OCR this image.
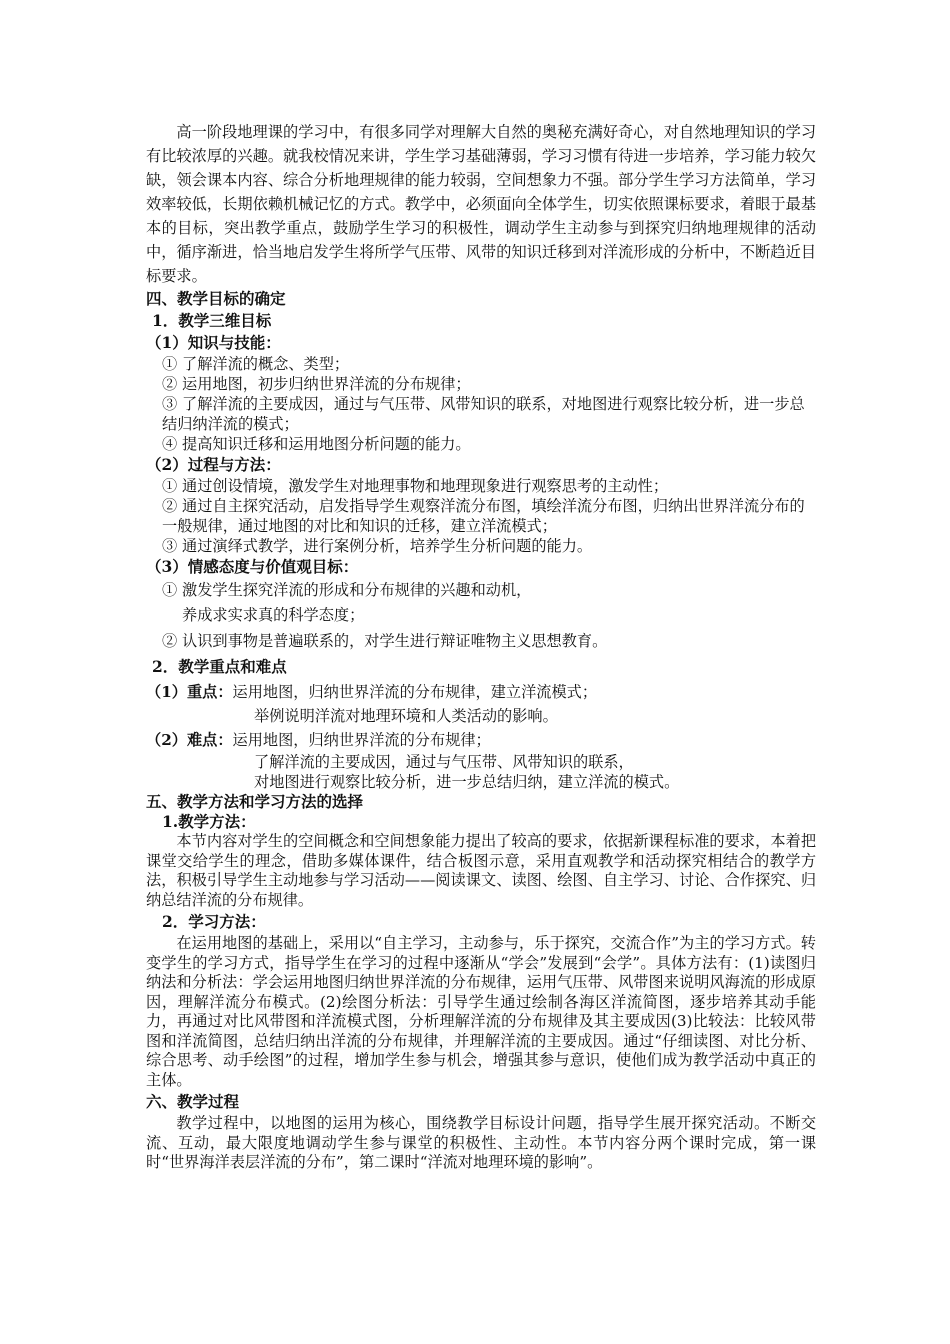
高一阶段地理课的学习中，有很多同学对理解大自然的奥秘充满好奇心，对自然地理知识的学习有比较浓厚的兴趣。就我校情况来讲，学生学习基础薄弱，学习习惯有待进一步培养，学习能力较欠缺，领会课本内容、综合分析地理规律的能力较弱，空间想象力不强。部分学生学习方法简单，学习效率较低，长期依赖机械记忆的方式。教学中，必须面向全体学生，切实依照课标要求，着眼于最基本的目标，突出教学重点，鼓励学生学习的积极性，调动学生主动参与到探究归纳地理规律的活动中，循序渐进，恰当地启发学生将所学气压带、风带的知识迁移到对洋流形成的分析中，不断趋近目标要求。

四、教学目标的确定

1．教学三维目标

（1）知识与技能：

① 了解洋流的概念、类型；

② 运用地图，初步归纳世界洋流的分布规律；

③ 了解洋流的主要成因，通过与气压带、风带知识的联系，对地图进行观察比较分析，进一步总结归纳洋流的模式；

④ 提高知识迁移和运用地图分析问题的能力。

（2）过程与方法：

① 通过创设情境，激发学生对地理事物和地理现象进行观察思考的主动性；

② 通过自主探究活动，启发指导学生观察洋流分布图，填绘洋流分布图，归纳出世界洋流分布的一般规律，通过地图的对比和知识的迁移，建立洋流模式；

③ 通过演绎式教学，进行案例分析，培养学生分析问题的能力。

（3）情感态度与价值观目标：

① 激发学生探究洋流的形成和分布规律的兴趣和动机，

养成求实求真的科学态度；

② 认识到事物是普遍联系的，对学生进行辩证唯物主义思想教育。

2．教学重点和难点

（1）重点：运用地图，归纳世界洋流的分布规律，建立洋流模式；

举例说明洋流对地理环境和人类活动的影响。

（2）难点：运用地图，归纳世界洋流的分布规律；

了解洋流的主要成因，通过与气压带、风带知识的联系，

对地图进行观察比较分析，进一步总结归纳，建立洋流的模式。

五、教学方法和学习方法的选择

1.教学方法：

本节内容对学生的空间概念和空间想象能力提出了较高的要求，依据新课程标准的要求，本着把课堂交给学生的理念，借助多媒体课件，结合板图示意，采用直观教学和活动探究相结合的教学方法，积极引导学生主动地参与学习活动——阅读课文、读图、绘图、自主学习、讨论、合作探究、归纳总结洋流的分布规律。

2．学习方法：

在运用地图的基础上，采用以“自主学习，主动参与，乐于探究，交流合作”为主的学习方式。转变学生的学习方式，指导学生在学习的过程中逐渐从“学会”发展到“会学”。具体方法有：(1)读图归纳法和分析法：学会运用地图归纳世界洋流的分布规律，运用气压带、风带图来说明风海流的形成原因，理解洋流分布模式。(2)绘图分析法：引导学生通过绘制各海区洋流简图，逐步培养其动手能力，再通过对比风带图和洋流模式图，分析理解洋流的分布规律及其主要成因(3)比较法：比较风带图和洋流简图，总结归纳出洋流的分布规律，并理解洋流的主要成因。通过“仔细读图、对比分析、综合思考、动手绘图”的过程，增加学生参与机会，增强其参与意识，使他们成为教学活动中真正的主体。

六、教学过程

教学过程中，以地图的运用为核心，围绕教学目标设计问题，指导学生展开探究活动。不断交流、互动，最大限度地调动学生参与课堂的积极性、主动性。本节内容分两个课时完成，第一课时“世界海洋表层洋流的分布”，第二课时“洋流对地理环境的影响”。
